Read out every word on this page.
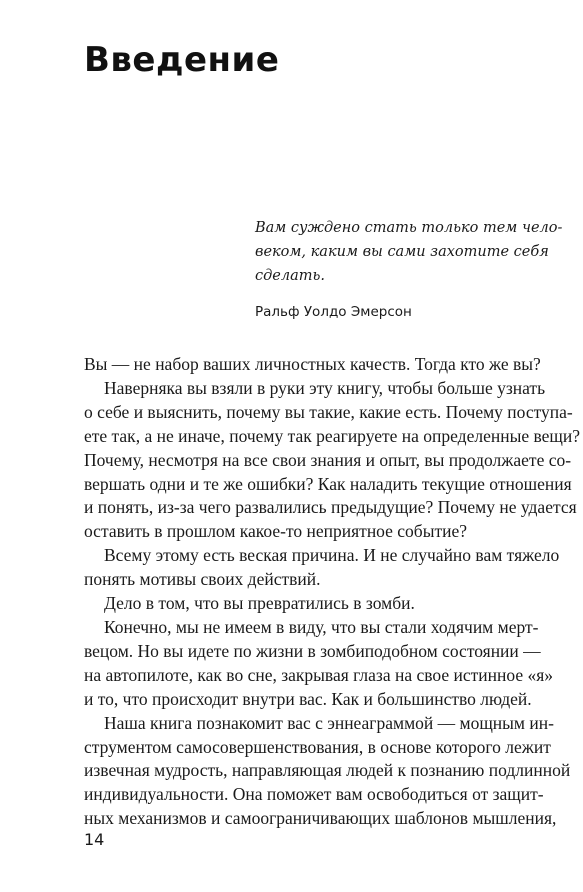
Введение

Вам суждено стать только тем чело-
веком, каким вы сами захотите себя
сделать.

Ральф Уолдо Эмерсон
Вы — не набор ваших личностных качеств. Тогда кто же вы?
Наверняка вы взяли в руки эту книгу, чтобы больше узнать
о себе и выяснить, почему вы такие, какие есть. Почему поступа-
ете так, а не иначе, почему так реагируете на определенные вещи?
Почему, несмотря на все свои знания и опыт, вы продолжаете со-
вершать одни и те же ошибки? Как наладить текущие отношения
и понять, из-за чего развалились предыдущие? Почему не удается
оставить в прошлом какое-то неприятное событие?
Всему этому есть веская причина. И не случайно вам тяжело
понять мотивы своих действий.
Дело в том, что вы превратились в зомби.
Конечно, мы не имеем в виду, что вы стали ходячим мерт-
вецом. Но вы идете по жизни в зомбиподобном состоянии —
на автопилоте, как во сне, закрывая глаза на свое истинное «я»
и то, что происходит внутри вас. Как и большинство людей.
Наша книга познакомит вас с эннеаграммой — мощным ин-
струментом самосовершенствования, в основе которого лежит
извечная мудрость, направляющая людей к познанию подлинной
индивидуальности. Она поможет вам освободиться от защит-
ных механизмов и самоограничивающих шаблонов мышления,
14
